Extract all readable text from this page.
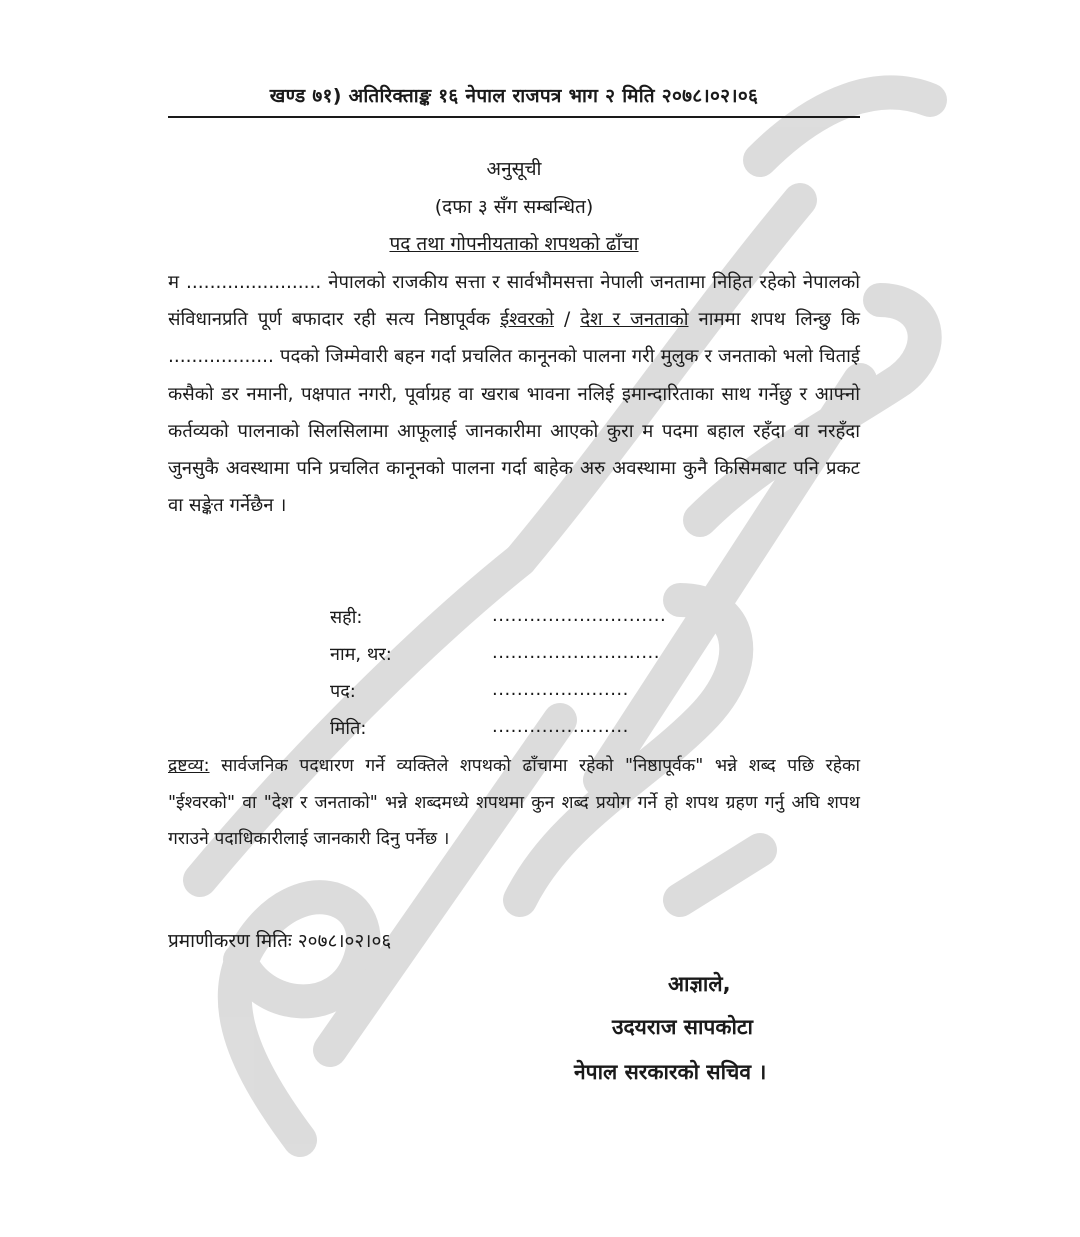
खण्ड ७१) अतिरिक्ताङ्क १६ नेपाल राजपत्र भाग २ मिति २०७८।०२।०६
अनुसूची
(दफा ३ सँग सम्बन्धित)
पद तथा गोपनीयताको शपथको ढाँचा
म ....................... नेपालको राजकीय सत्ता र सार्वभौमसत्ता नेपाली जनतामा निहित रहेको नेपालको संविधानप्रति पूर्ण बफादार रही सत्य निष्ठापूर्वक ईश्वरको / देश र जनताको नाममा शपथ लिन्छु कि .................. पदको जिम्मेवारी बहन गर्दा प्रचलित कानूनको पालना गरी मुलुक र जनताको भलो चिताई कसैको डर नमानी, पक्षपात नगरी, पूर्वाग्रह वा खराब भावना नलिई इमान्दारिताका साथ गर्नेछु र आफ्नो कर्तव्यको पालनाको सिलसिलामा आफूलाई जानकारीमा आएको कुरा म पदमा बहाल रहँदा वा नरहँदा जुनसुकै अवस्थामा पनि प्रचलित कानूनको पालना गर्दा बाहेक अरु अवस्थामा कुनै किसिमबाट पनि प्रकट वा सङ्केत गर्नेछैन ।
सही:	............................
नाम, थर:	...........................
पद:	......................
मिति:	......................
द्रष्टव्य: सार्वजनिक पदधारण गर्ने व्यक्तिले शपथको ढाँचामा रहेको "निष्ठापूर्वक" भन्ने शब्द पछि रहेका "ईश्वरको" वा "देश र जनताको" भन्ने शब्दमध्ये शपथमा कुन शब्द प्रयोग गर्ने हो शपथ ग्रहण गर्नु अघि शपथ गराउने पदाधिकारीलाई जानकारी दिनु पर्नेछ ।
प्रमाणीकरण मितिः २०७८।०२।०६
आज्ञाले,
उदयराज सापकोटा
नेपाल सरकारको सचिव ।
